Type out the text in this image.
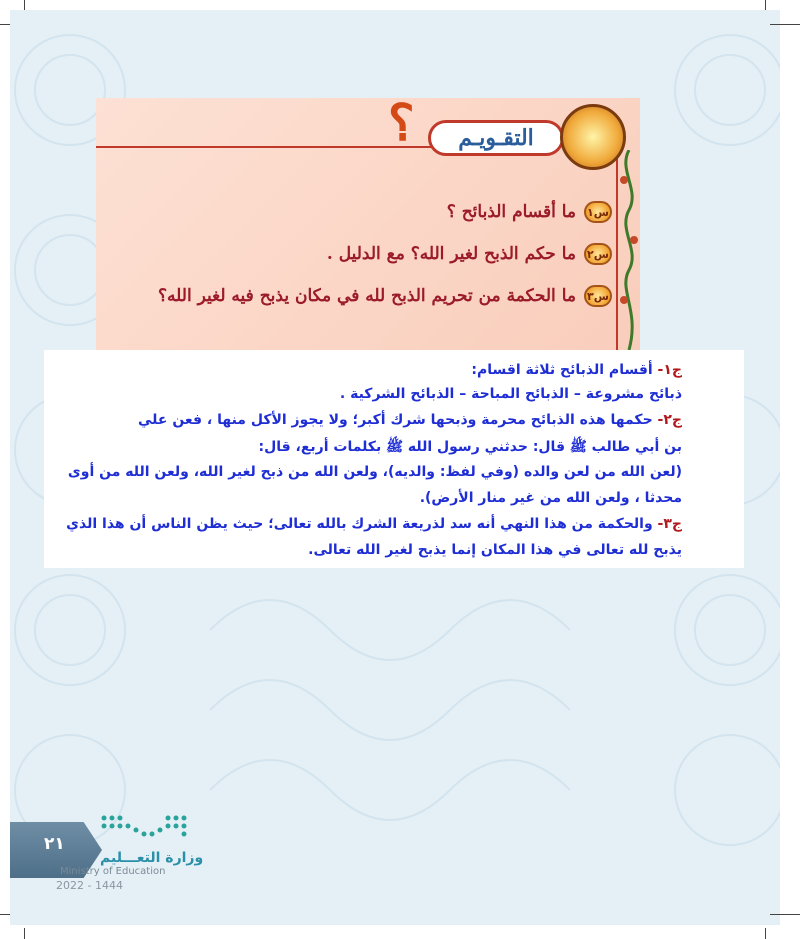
؟ التقـويـم
س١
ما أقسام الذبائح ؟
س٢
ما حكم الذبح لغير الله؟ مع الدليل .
س٣
ما الحكمة من تحريم الذبح لله في مكان يذبح فيه لغير الله؟
ج١- أقسام الذبائح ثلاثة اقسام:
ذبائح مشروعة – الذبائح المباحة – الذبائح الشركية .
ج٢- حكمها هذه الذبائح محرمة وذبحها شرك أكبر؛ ولا يجوز الأكل منها ، فعن علي
بن أبي طالب ﷺ قال: حدثني رسول الله ﷺ بكلمات أربع، قال:
(لعن الله من لعن والده (وفي لفظ: والديه)، ولعن الله من ذبح لغير الله، ولعن الله من أوى
محدثا ، ولعن الله من غير منار الأرض).
ج٣- والحكمة من هذا النهي أنه سد لذريعة الشرك بالله تعالى؛ حيث يظن الناس أن هذا الذي
يذبح لله تعالى في هذا المكان إنما يذبح لغير الله تعالى.
٢١
وزارة التعـــليم
Ministry of Education
2022 - 1444
